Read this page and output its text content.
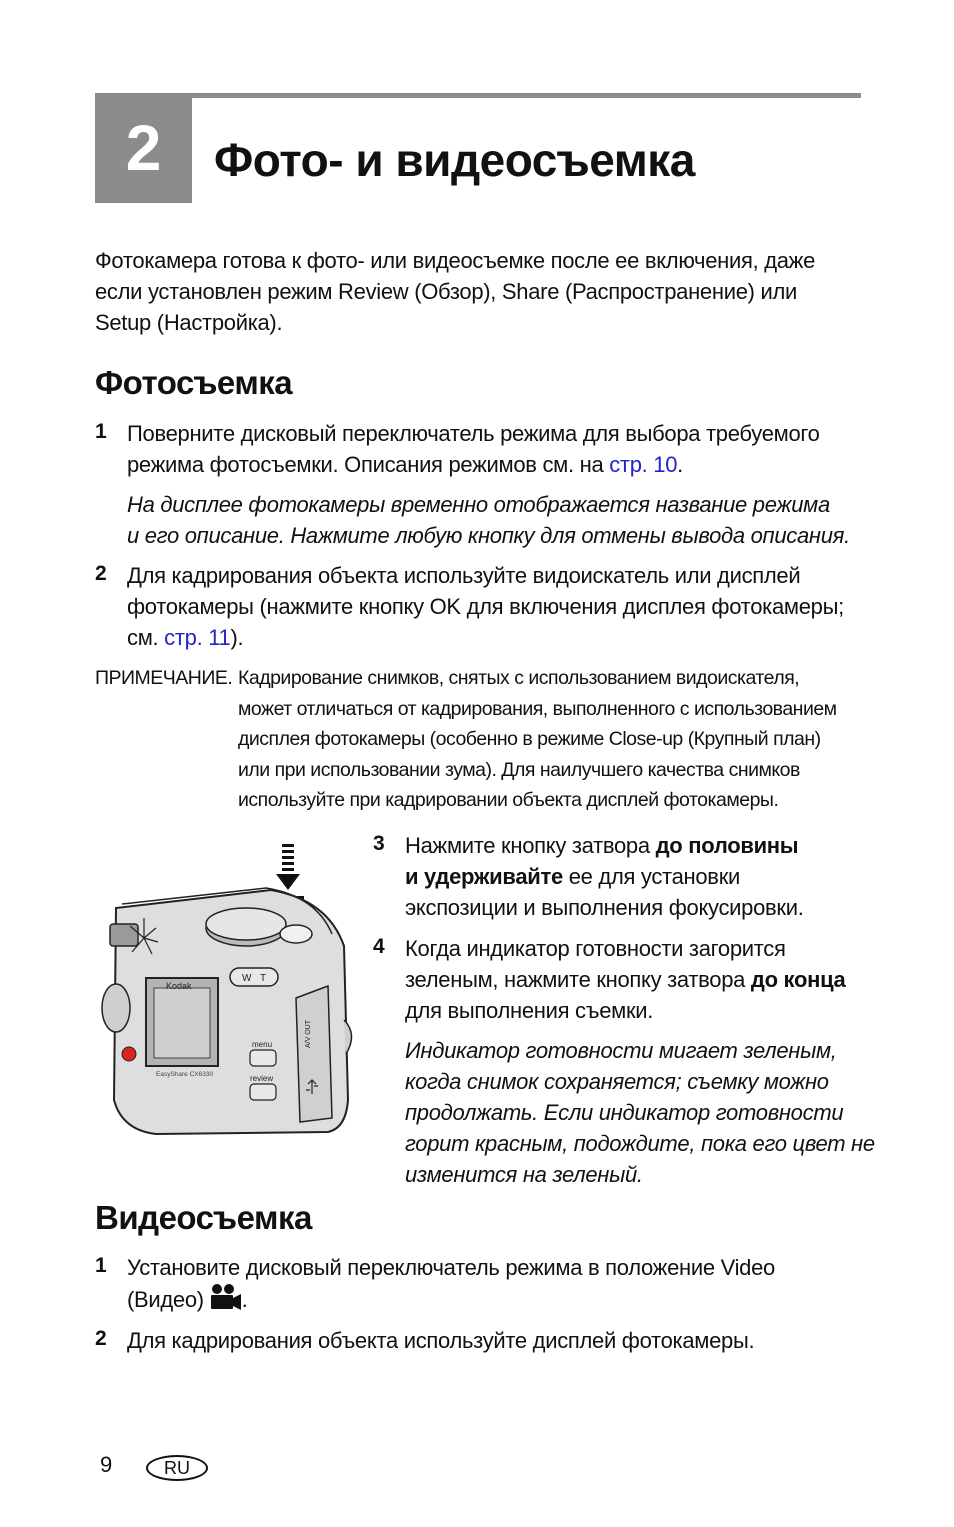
2	Фото- и видеосъемка
Фотокамера готова к фото- или видеосъемке после ее включения, даже
если установлен режим Review (Обзор), Share (Распространение) или
Setup (Настройка).
Фотосъемка
1 Поверните дисковый переключатель режима для выбора требуемого
режима фотосъемки. Описания режимов см. на стр. 10.
На дисплее фотокамеры временно отображается название режима
и его описание. Нажмите любую кнопку для отмены вывода описания.
2 Для кадрирования объекта используйте видоискатель или дисплей
фотокамеры (нажмите кнопку OK для включения дисплея фотокамеры;
см. стр. 11).
ПРИМЕЧАНИЕ. Кадрирование снимков, снятых с использованием видоискателя,
может отличаться от кадрирования, выполненного с использованием
дисплея фотокамеры (особенно в режиме Close-up (Крупный план)
или при использовании зума). Для наилучшего качества снимков
используйте при кадрировании объекта дисплей фотокамеры.
Kodak
EasyShare CX6330
W T
menu
review
A/V OUT
3 Нажмите кнопку затвора до половины
и удерживайте ее для установки
экспозиции и выполнения фокусировки.
4 Когда индикатор готовности загорится
зеленым, нажмите кнопку затвора до конца
для выполнения съемки.
Индикатор готовности мигает зеленым,
когда снимок сохраняется; съемку можно
продолжать. Если индикатор готовности
горит красным, подождите, пока его цвет не
изменится на зеленый.
Видеосъемка
1 Установите дисковый переключатель режима в положение Video
(Видео) .
2 Для кадрирования объекта используйте дисплей фотокамеры.
9	RU
